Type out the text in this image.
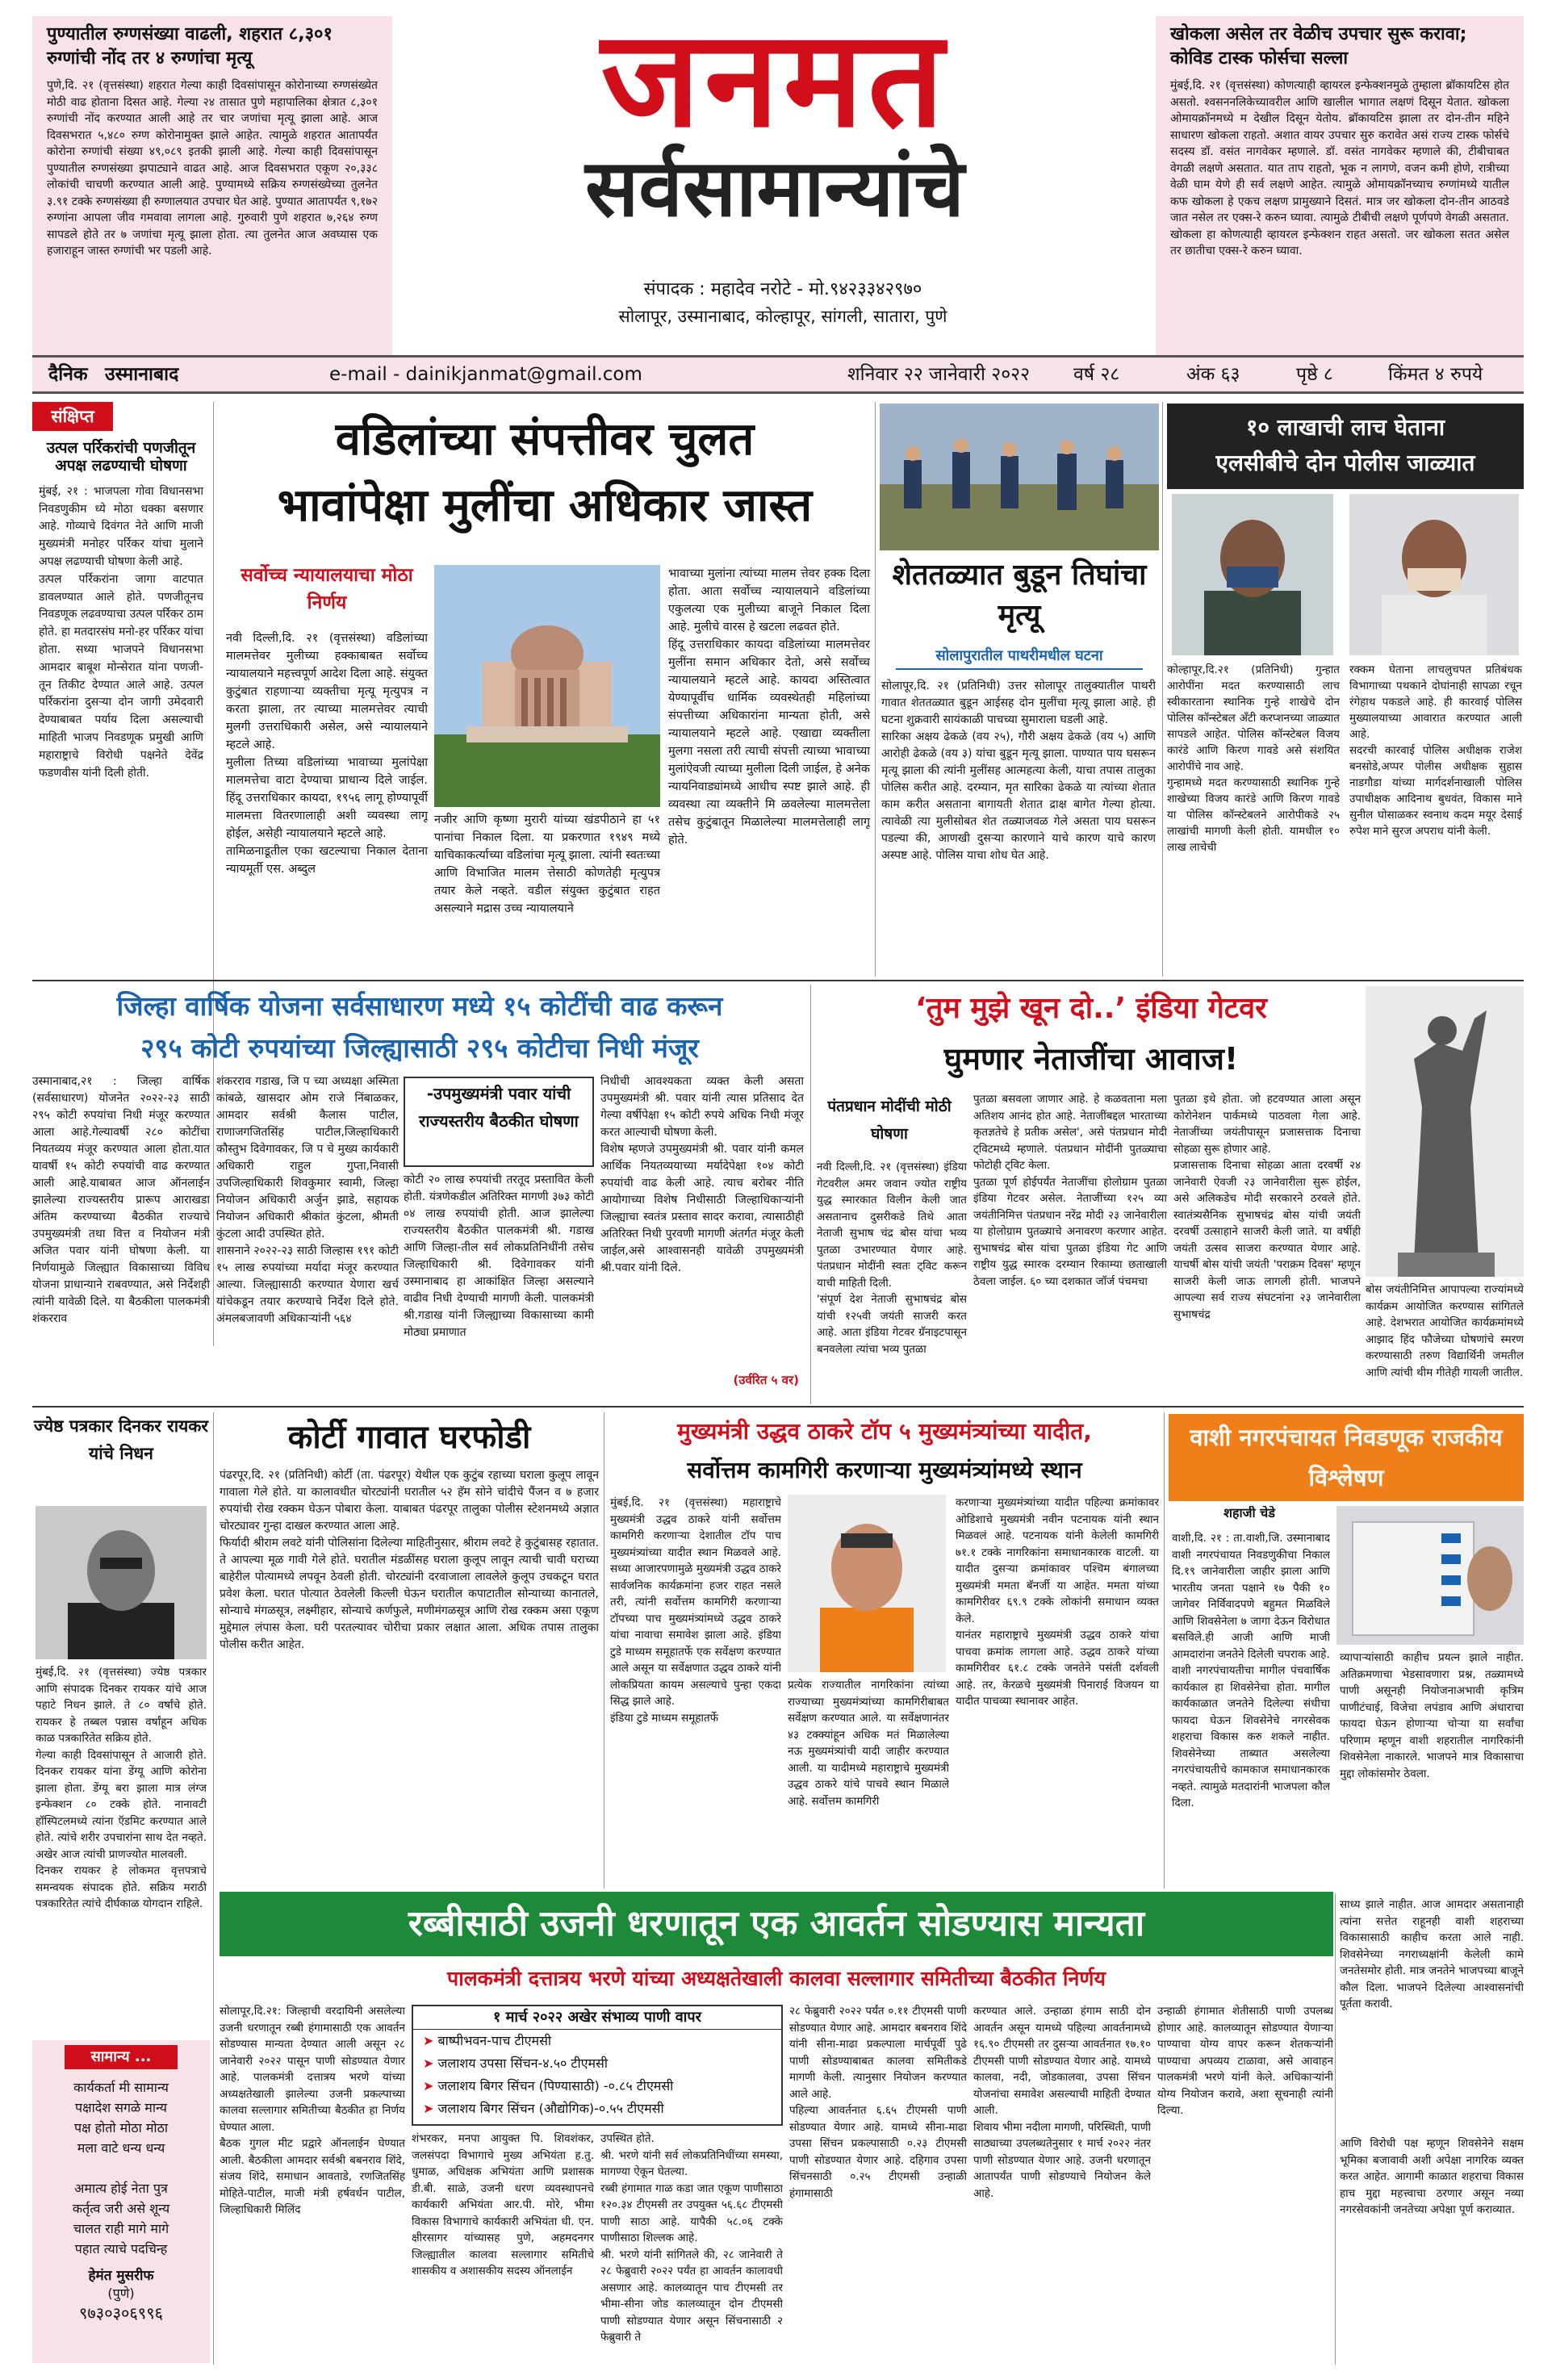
पुण्यातील रुग्णसंख्या वाढली, शहरात ८,३०१ रुग्णांची नोंद तर ४ रुग्णांचा मृत्यू
पुणे,दि. २१ (वृत्तसंस्था) शहरात गेल्या काही दिवसांपासून कोरोनाच्या रुग्णसंख्येत मोठी वाढ होताना दिसत आहे. गेल्या २४ तासात पुणे महापालिका क्षेत्रात ८,३०१ रुग्णांची नोंद करण्यात आली आहे तर चार जणांचा मृत्यू झाला आहे. आज दिवसभरात ५,४८० रुग्ण कोरोनामुक्त झाले आहेत. त्यामुळे शहरात आतापर्यंत कोरोना रुग्णांची संख्या ४९,०८९ इतकी झाली आहे. गेल्या काही दिवसांपासून पुण्यातील रुग्णसंख्या झपाट्याने वाढत आहे. आज दिवसभरात एकूण २०,३३८ लोकांची चाचणी करण्यात आली आहे. पुण्यामध्ये सक्रिय रुग्णसंख्येच्या तुलनेत ३.९१ टक्के रुग्णसंख्या ही रुग्णालयात उपचार घेत आहे. पुण्यात आतापर्यंत ९,१७२ रुग्णांना आपला जीव गमवावा लागला आहे. गुरुवारी पुणे शहरात ७,२६४ रुग्ण सापडले होते तर ७ जणांचा मृत्यू झाला होता. त्या तुलनेत आज अवघ्यास एक हजाराहून जास्त रुग्णांची भर पडली आहे.
जनमत
सर्वसामान्यांचे
संपादक : महादेव नरोटे - मो.९४२३३४२९७०
सोलापूर, उस्मानाबाद, कोल्हापूर, सांगली, सातारा, पुणे
खोकला असेल तर वेळीच उपचार सुरू करावा; कोविड टास्क फोर्सचा सल्ला
मुंबई,दि. २१ (वृत्तसंस्था) कोणत्याही व्हायरल इन्फेक्शनमुळे तुम्हाला ब्रॉकायटिस होत असतो. श्वसननलिकेच्यावरील आणि खालील भागात लक्षणं दिसून येतात. खोकला ओमायक्रॉनमध्ये म देखील दिसून येतोय. ब्रॉकायटिस झाला तर दोन-तीन महिने साधारण खोकला राहतो. अशात वायर उपचार सुरु करावेत असं राज्य टास्क फोर्सचे सदस्य डॉ. वसंत नागवेकर म्हणाले. डॉ. वसंत नागवेकर म्हणाले की, टीबीचाबत वेगळी लक्षणे असतात. यात ताप राहतो, भूक न लागणे, वजन कमी होणे, रात्रीच्या वेळी घाम येणे ही सर्व लक्षणे आहेत. त्यामुळे ओमायक्रॉनच्याच रुग्णांमध्ये यातील कफ खोकला हे एकच लक्षण प्रामुख्याने दिसतं. मात्र जर खोकला दोन-तीन आठवडे जात नसेल तर एक्स-रे करुन घ्यावा. त्यामुळे टीबीची लक्षणे पूर्णपणे वेगळी असतात. खोकला हा कोणत्याही व्हायरल इन्फेक्शन राहत असतो. जर खोकला सतत असेल तर छातीचा एक्स-रे करुन घ्यावा.
दैनिक उस्मानाबाद	e-mail - dainikjanmat@gmail.com	शनिवार २२ जानेवारी २०२२ वर्ष २८	अंक ६३	पृष्ठे ८	किंमत ४ रुपये
संक्षिप्त
उत्पल पर्रिकरांची पणजीतून अपक्ष लढण्याची घोषणा
मुंबई, २१ : भाजपला गोवा विधानसभा निवडणुकीम ध्ये मोठा धक्का बसणार आहे. गोव्याचे दिवंगत नेते आणि माजी मुख्यमंत्री मनोहर पर्रिकर यांचा मुलाने अपक्ष लढण्याची घोषणा केली आहे.
उत्पल पर्रिकरांना जागा वाटपात डावलण्यात आले होते. पणजीतूनच निवडणूक लढवण्याचा उत्पल पर्रिकर ठाम होते. हा मतदारसंघ मनो-हर पर्रिकर यांचा होता. सध्या भाजपने विधानसभा आमदार बाबूश मोन्सेरात यांना पणजी-तून तिकीट देण्यात आले आहे. उत्पल पर्रिकरांना दुसऱ्या दोन जागी उमेदवारी देण्याबाबत पर्याय दिला असल्याची माहिती भाजप निवडणूक प्रमुखी आणि महाराष्ट्राचे विरोधी पक्षनेते देवेंद्र फडणवीस यांनी दिली होती.
वडिलांच्या संपत्तीवर चुलत
भावांपेक्षा मुलींचा अधिकार जास्त
सर्वोच्च न्यायालयाचा मोठा निर्णय
नवी दिल्ली,दि. २१ (वृत्तसंस्था) वडिलांच्या मालमत्तेवर मुलीच्या हक्काबाबत सर्वोच्च न्यायालयाने महत्त्वपूर्ण आदेश दिला आहे. संयुक्त कुटुंबात राहणाऱ्या व्यक्तीचा मृत्यू मृत्युपत्र न करता झाला, तर त्याच्या मालमत्तेवर त्याची मुलगी उत्तराधिकारी असेल, असे न्यायालयाने म्हटले आहे.
मुलीला तिच्या वडिलांच्या भावाच्या मुलांपेक्षा मालमत्तेचा वाटा देण्याचा प्राधान्य दिले जाईल. हिंदू उत्तराधिकार कायदा, १९५६ लागू होण्यापूर्वी मालमत्ता वितरणालाही अशी व्यवस्था लागू होईल, असेही न्यायालयाने म्हटले आहे.
तामिळनाडूतील एका खटल्याचा निकाल देताना न्यायमूर्ती एस. अब्दुल
नजीर आणि कृष्णा मुरारी यांच्या खंडपीठाने हा ५१ पानांचा निकाल दिला. या प्रकरणात १९४९ मध्ये याचिकाकर्त्याच्या वडिलांचा मृत्यू झाला. त्यांनी स्वतःच्या आणि विभाजित मालम त्तेसाठी कोणतेही मृत्युपत्र तयार केले नव्हते. वडील संयुक्त कुटुंबात राहत असल्याने मद्रास उच्च न्यायालयाने
भावाच्या मुलांना त्यांच्या मालम त्तेवर हक्क दिला होता. आता सर्वोच्च न्यायालयाने वडिलांच्या एकुलत्या एक मुलीच्या बाजूने निकाल दिला आहे. मुलीचे वारस हे खटला लढवत होते.
हिंदू उत्तराधिकार कायदा वडिलांच्या मालमत्तेवर मुलींना समान अधिकार देतो, असे सर्वोच्च न्यायालयाने म्हटले आहे. कायदा अस्तित्वात येण्यापूर्वीच धार्मिक व्यवस्थेतही महिलांच्या संपत्तीच्या अधिकारांना मान्यता होती, असे न्यायालयाने म्हटले आहे. एखाद्या व्यक्तीला मुलगा नसला तरी त्याची संपत्ती त्याच्या भावाच्या मुलांऐवजी त्याच्या मुलीला दिली जाईल, हे अनेक न्यायनिवाड्यांमध्ये आधीच स्पष्ट झाले आहे. ही व्यवस्था त्या व्यक्तीने मि ळवलेल्या मालमत्तेला तसेच कुटुंबातून मिळालेल्या मालमत्तेलाही लागू होते.
शेततळ्यात बुडून तिघांचा मृत्यू
सोलापुरातील पाथरीमधील घटना
सोलापूर,दि. २१ (प्रतिनिधी) उत्तर सोलापूर तालुक्यातील पाथरी गावात शेततळ्यात बुडून आईसह दोन मुलींचा मृत्यू झाला आहे. ही घटना शुक्रवारी सायंकाळी पाचच्या सुमाराला घडली आहे.
सारिका अक्षय ढेकळे (वय २५), गौरी अक्षय ढेकळे (वय ५) आणि आरोही ढेकळे (वय ३) यांचा बुडून मृत्यू झाला. पाण्यात पाय घसरून मृत्यू झाला की त्यांनी मुलींसह आत्महत्या केली, याचा तपास तालुका पोलिस करीत आहे. दरम्यान, मृत सारिका ढेकळे या त्यांच्या शेतात काम करीत असताना बागायती शेतात द्राक्ष बागेत गेल्या होत्या. त्यावेळी त्या मुलीसोबत शेत तळ्याजवळ गेले असता पाय घसरून पडल्या की, आणखी दुसऱ्या कारणाने याचे कारण याचे कारण अस्पष्ट आहे. पोलिस याचा शोध घेत आहे.
१० लाखाची लाच घेताना
एलसीबीचे दोन पोलीस जाळ्यात
कोल्हापूर,दि.२१ (प्रतिनिधी) गुन्हात आरोपींना मदत करण्यासाठी लाच स्वीकारताना स्थानिक गुन्हे शाखेचे दोन पोलिस कॉन्स्टेबल अँटी करप्शनच्या जाळ्यात सापडले आहेत. पोलिस कॉन्स्टेबल विजय कारंडे आणि किरण गावडे असे संशयित आरोपींचे नाव आहे.
गुन्हामध्ये मदत करण्यासाठी स्थानिक गुन्हे शाखेच्या विजय कारंडे आणि किरण गावडे या पोलिस कॉन्स्टेबलने आरोपीकडे २५ लाखांची मागणी केली होती. यामधील १० लाख लाचेची
रक्कम घेताना लाचलुचपत प्रतिबंधक विभागाच्या पथकाने दोघांनाही सापळा रचून रंगेहाथ पकडले आहे. ही कारवाई पोलिस मुख्यालयाच्या आवारात करण्यात आली आहे.
सदरची कारवाई पोलिस अधीक्षक राजेश बनसोडे,अप्पर पोलीस अधीक्षक सुहास नाडगौडा यांच्या मार्गदर्शनाखाली पोलिस उपाधीक्षक आदिनाथ बुधवंत, विकास माने सुनील घोसाळकर स्वनाथ कदम मयूर देसाई रुपेश माने सुरज अपराध यांनी केली.
जिल्हा वार्षिक योजना सर्वसाधारण मध्ये १५ कोटींची वाढ करून
२९५ कोटी रुपयांच्या जिल्ह्यासाठी २९५ कोटीचा निधी मंजूर
उस्मानाबाद,२१ : जिल्हा वार्षिक (सर्वसाधारण) योजनेत २०२२-२३ साठी २९५ कोटी रुपयांचा निधी मंजूर करण्यात आला आहे.गेल्यावर्षी २८० कोटींचा नियतव्यय मंजूर करण्यात आला होता.यात यावर्षी १५ कोटी रुपयांची वाढ करण्यात आली आहे.याबाबत आज ऑनलाईन झालेल्या राज्यस्तरीय प्रारूप आराखडा अंतिम करण्याच्या बैठकीत राज्याचे उपमुख्यमंत्री तथा वित्त व नियोजन मंत्री अजित पवार यांनी घोषणा केली. या निर्णयामुळे जिल्ह्यात विकासाच्या विविध योजना प्राधान्याने राबवण्यात, असे निर्देशही त्यांनी यावेळी दिले. या बैठकीला पालकमंत्री शंकरराव
शंकरराव गडाख, जि प च्या अध्यक्षा अस्मिता कांबळे, खासदार ओम राजे निंबाळकर, आमदार सर्वश्री कैलास पाटील, राणाजगजितसिंह पाटील,जिल्हाधिकारी कौस्तुभ दिवेगावकर, जि प चे मुख्य कार्यकारी अधिकारी राहुल गुप्ता,निवासी उपजिल्हाधिकारी शिवकुमार स्वामी, जिल्हा नियोजन अधिकारी अर्जुन झाडे, सहायक नियोजन अधिकारी श्रीकांत कुंटला, श्रीमती कुंटला आदी उपस्थित होते.
शासनाने २०२२-२३ साठी जिल्हास १९१ कोटी १५ लाख रुपयांच्या मर्यादा मंजूर करण्यात आल्या. जिल्ह्यासाठी करण्यात येणारा खर्च यांचेकडून तयार करण्याचे निर्देश दिले होते. अंमलबजावणी अधिकाऱ्यांनी ५६४
-उपमुख्यमंत्री पवार यांची राज्यस्तरीय बैठकीत घोषणा
कोटी २० लाख रुपयांची तरतूद प्रस्तावित केली होती. यंत्रणेकडील अतिरिक्त मागणी ३७३ कोटी ०४ लाख रुपयांची होती. आज झालेल्या राज्यस्तरीय बैठकीत पालकमंत्री श्री. गडाख आणि जिल्हा-तील सर्व लोकप्रतिनिधींनी तसेच जिल्हाधिकारी श्री. दिवेगावकर यांनी उस्मानाबाद हा आकांक्षित जिल्हा असल्याने वाढीव निधी देण्याची मागणी केली. पालकमंत्री श्री.गडाख यांनी जिल्ह्याच्या विकासाच्या कामी मोठ्या प्रमाणात
निधीची आवश्यकता व्यक्त केली असता उपमुख्यमंत्री श्री. पवार यांनी त्यास प्रतिसाद देत गेल्या वर्षीपेक्षा १५ कोटी रुपये अधिक निधी मंजूर करत आल्याची घोषणा केली.
विशेष म्हणजे उपमुख्यमंत्री श्री. पवार यांनी कमल आर्थिक नियतव्ययाच्या मर्यादेपेक्षा १०४ कोटी रुपयांची वाढ केली आहे. त्याच बरोबर नीति आयोगाच्या विशेष निधीसाठी जिल्हाधिकाऱ्यांनी जिल्ह्याचा स्वतंत्र प्रस्ताव सादर करावा, त्यासाठीही अतिरिक्त निधी पुरवणी मागणी अंतर्गत मंजूर केली जाईल,असे आश्वासनही यावेळी उपमुख्यमंत्री श्री.पवार यांनी दिले.
(उर्वरित ५ वर)
‘तुम मुझे खून दो..’ इंडिया गेटवर
घुमणार नेताजींचा आवाज!
पंतप्रधान मोदींची मोठी घोषणा
नवी दिल्ली,दि. २१ (वृत्तसंस्था) इंडिया गेटवरील अमर जवान ज्योत राष्ट्रीय युद्ध स्मारकात विलीन केली जात असतानाच दुसरीकडे तिथे आता नेताजी सुभाष चंद्र बोस यांचा भव्य पुतळा उभारण्यात येणार आहे. पंतप्रधान मोदींनी स्वतः ट्विट करून याची माहिती दिली.
'संपूर्ण देश नेताजी सुभाषचंद्र बोस यांची १२५वी जयंती साजरी करत आहे. आता इंडिया गेटवर ग्रॅनाइटपासून बनवलेला त्यांचा भव्य पुतळा
पुतळा बसवला जाणार आहे. हे कळवताना मला अतिशय आनंद होत आहे. नेताजींबद्दल भारताच्या कृतज्ञतेचे हे प्रतीक असेल', असे पंतप्रधान मोदी ट्विटमध्ये म्हणाले. पंतप्रधान मोदींनी पुतळ्याचा फोटोही ट्विट केला.
पुतळा पूर्ण होईपर्यंत नेताजींचा होलोग्राम पुतळा इंडिया गेटवर असेल. नेताजींच्या १२५ व्या जयंतीनिमित्त पंतप्रधान नरेंद्र मोदी २३ जानेवारीला या होलोग्राम पुतळ्याचे अनावरण करणार आहेत. सुभाषचंद्र बोस यांचा पुतळा इंडिया गेट आणि राष्ट्रीय युद्ध स्मारक दरम्यान रिकाम्या छताखाली ठेवला जाईल. ६० च्या दशकात जॉर्ज पंचमचा
पुतळा इथे होता. जो हटवण्यात आला असून कोरोनेशन पार्कमध्ये पाठवला गेला आहे. नेताजींच्या जयंतीपासून प्रजासत्ताक दिनाचा सोहळा सुरू होणार आहे.
प्रजासत्ताक दिनाचा सोहळा आता दरवर्षी २४ जानेवारी ऐवजी २३ जानेवारीला सुरू होईल, असे अलिकडेच मोदी सरकारने ठरवले होते. स्वातंत्र्यसैनिक सुभाषचंद्र बोस यांची जयंती दरवर्षी उत्साहाने साजरी केली जाते. या वर्षीही जयंती उत्सव साजरा करण्यात येणार आहे. याचर्षी बोस यांची जयंती 'पराक्रम दिवस' म्हणून साजरी केली जाऊ लागली होती. भाजपने आपल्या सर्व राज्य संघटनांना २३ जानेवारीला सुभाषचंद्र
बोस जयंतीनिमित्त आपापल्या राज्यांमध्ये कार्यक्रम आयोजित करण्यास सांगितले आहे. देशभरात आयोजित कार्यक्रमांमध्ये आझाद हिंद फौजेच्या घोषणांचे स्मरण करण्यासाठी तरुण विद्यार्थिनी जमतील आणि त्यांची थीम गीतेही गायली जातील.
ज्येष्ठ पत्रकार दिनकर रायकर यांचे निधन
मुंबई,दि. २१ (वृत्तसंस्था) ज्येष्ठ पत्रकार आणि संपादक दिनकर रायकर यांचे आज पहाटे निधन झाले. ते ८० वर्षांचे होते. रायकर हे तब्बल पन्नास वर्षांहून अधिक काळ पत्रकारितेत सक्रिय होते.
गेल्या काही दिवसांपासून ते आजारी होते. दिनकर रायकर यांना डेंग्यू आणि कोरोना झाला होता. डेंग्यू बरा झाला मात्र लंग्ज इन्फेक्शन ८० टक्के होते. नानावटी हॉस्पिटलमध्ये त्यांना ऍडमिट करण्यात आले होते. त्यांचे शरीर उपचारांना साथ देत नव्हते. अखेर आज त्यांची प्राणज्योत मालवली.
दिनकर रायकर हे लोकमत वृत्तपत्राचे समन्वयक संपादक होते. सक्रिय मराठी पत्रकारितेत त्यांचे दीर्घकाळ योगदान राहिले.
सामान्य ...
कार्यकर्ता मी सामान्य
पक्षादेश सगळे मान्य
पक्ष होतो मोठा मोठा
मला वाटे धन्य धन्य

अमात्य होई नेता पुत्र
कर्तृत्व जरी असे शून्य
चालत राही मागे मागे
पहात त्याचे पदचिन्ह
हेमंत मुसरीफ
(पुणे)
९७३०३०६९९६
कोर्टी गावात घरफोडी
पंढरपूर,दि. २१ (प्रतिनिधी) कोर्टी (ता. पंढरपूर) येथील एक कुटुंब रहाच्या घराला कुलूप लावून गावाला गेले होते. या कालावधीत चोरट्यांनी घरातील ५२ हॅम सोने चांदीचे पैंजन व ७ हजार रुपयांची रोख रक्कम घेऊन पोबारा केला. याबाबत पंढरपूर तालुका पोलीस स्टेशनमध्ये अज्ञात चोरट्यावर गुन्हा दाखल करण्यात आला आहे.
फिर्यादी श्रीराम लवटे यांनी पोलिसांना दिलेल्या माहितीनुसार, श्रीराम लवटे हे कुटुंबासह रहातात. ते आपल्या मूळ गावी गेले होते. घरातील मंडळींसह घराला कुलूप लावून त्याची चावी घराच्या बाहेरील पोत्यामध्ये लपवून ठेवली होती. चोरट्यांनी दरवाजाला लावलेले कुलूप उचकटून घरात प्रवेश केला. घरात पोत्यात ठेवलेली किल्ली घेऊन घरातील कपाटातील सोन्याच्या कानातले, सोन्याचे मंगळसूत्र, लक्ष्मीहार, सोन्याचे कर्णफुले, मणीमंगळसूत्र आणि रोख रक्कम असा एकूण मुद्देमाल लंपास केला. घरी परतल्यावर चोरीचा प्रकार लक्षात आला. अधिक तपास तालुका पोलीस करीत आहेत.
मुख्यमंत्री उद्धव ठाकरे टॉप ५ मुख्यमंत्र्यांच्या यादीत,
सर्वोत्तम कामगिरी करणाऱ्या मुख्यमंत्र्यांमध्ये स्थान
मुंबई,दि. २१ (वृत्तसंस्था) महाराष्ट्राचे मुख्यमंत्री उद्धव ठाकरे यांनी सर्वोत्तम कामगिरी करणाऱ्या देशातील टॉप पाच मुख्यमंत्र्यांच्या यादीत स्थान मिळवले आहे. सध्या आजारपणामुळे मुख्यमंत्री उद्धव ठाकरे सार्वजनिक कार्यक्रमांना हजर राहत नसले तरी, त्यांनी सर्वोत्तम कामगिरी करणाऱ्या टॉपच्या पाच मुख्यमंत्र्यांमध्ये उद्धव ठाकरे यांचा नावाचा समावेश झाला आहे. इंडिया टुडे माध्यम समूहातर्फे एक सर्वेक्षण करण्यात आले असून या सर्वेक्षणात उद्धव ठाकरे यांनी लोकप्रियता कायम असल्याचे पुन्हा एकदा सिद्ध झाले आहे.
इंडिया टुडे माध्यम समूहातर्फे
प्रत्येक राज्यातील नागरिकांना त्यांच्या राज्याच्या मुख्यमंत्र्यांच्या कामगिरीबाबत सर्वेक्षण करण्यात आले. या सर्वेक्षणानंतर ४३ टक्क्यांहून अधिक मतं मिळालेल्या नऊ मुख्यमंत्र्यांची यादी जाहीर करण्यात आली. या यादीमध्ये महाराष्ट्राचे मुख्यमंत्री उद्धव ठाकरे यांचे पाचवे स्थान मिळाले आहे. सर्वोत्तम कामगिरी
करणाऱ्या मुख्यमंत्र्यांच्या यादीत पहिल्या क्रमांकावर ओडिशाचे मुख्यमंत्री नवीन पटनायक यांनी स्थान मिळवलं आहे. पटनायक यांनी केलेली कामगिरी ७१.१ टक्के नागरिकांना समाधानकारक वाटली. या यादीत दुसऱ्या क्रमांकावर पश्चिम बंगालच्या मुख्यमंत्री ममता बॅनर्जी या आहेत. ममता यांच्या कामगिरीवर ६९.९ टक्के लोकांनी समाधान व्यक्त केले.
यानंतर महाराष्ट्राचे मुख्यमंत्री उद्धव ठाकरे यांचा पाचवा क्रमांक लागला आहे. उद्धव ठाकरे यांच्या कामगिरीवर ६१.८ टक्के जनतेने पसंती दर्शवली आहे. तर, केरळचे मुख्यमंत्री पिनाराई विजयन या यादीत पाचव्या स्थानावर आहेत.
वाशी नगरपंचायत निवडणूक राजकीय विश्लेषण
शहाजी चेडे
वाशी,दि. २१ : ता.वाशी,जि. उस्मानाबाद वाशी नगरपंचायत निवडणुकीचा निकाल दि.१९ जानेवारीला जाहीर झाला आणि भारतीय जनता पक्षाने १७ पैकी १० जागेवर निर्विवादपणे बहुमत मिळविले आणि शिवसेनेला ७ जागा देऊन विरोधात बसविले.ही आजी आणि माजी आमदारांना जनतेने दिलेली चपराक आहे.
वाशी नगरपंचायतीचा मागील पंचवार्षिक कार्यकाल हा शिवसेनेचा होता. मागील कार्यकाळात जनतेने दिलेल्या संधीचा फायदा घेऊन शिवसेनेचे नगरसेवक शहराचा विकास करु शकले नाहीत. शिवसेनेच्या ताब्यात असलेल्या नगरपंचायतीचे कामकाज समाधानकारक नव्हते. त्यामुळे मतदारांनी भाजपला कौल दिला.
व्यापाऱ्यांसाठी काहीच प्रयत्न झाले नाहीत. अतिक्रमणाचा भेडसावणारा प्रश्न, तळ्यामध्ये पाणी असूनही नियोजनाअभावी कृत्रिम पाणीटंचाई, विजेचा लपंडाव आणि अंधाराचा फायदा घेऊन होणाऱ्या चोऱ्या या सर्वांचा परिणाम म्हणून वाशी शहरातील नागरिकांनी शिवसेनेला नाकारले. भाजपने मात्र विकासाचा मुद्दा लोकांसमोर ठेवला.
साध्य झाले नाहीत. आज आमदार असतानाही त्यांना सत्तेत राहूनही वाशी शहराच्या विकासासाठी काहीच करता आले नाही. शिवसेनेच्या नगराध्यक्षांनी केलेली कामे जनतेसमोर होती. मात्र जनतेने भाजपच्या बाजूने कौल दिला. भाजपने दिलेल्या आश्वासनांची पूर्तता करावी.
आणि विरोधी पक्ष म्हणून शिवसेनेने सक्षम भूमिका बजावावी अशी अपेक्षा नागरिक व्यक्त करत आहेत. आगामी काळात शहराचा विकास हाच मुद्दा महत्त्वाचा ठरणार असून नव्या नगरसेवकांनी जनतेच्या अपेक्षा पूर्ण कराव्यात.
रब्बीसाठी उजनी धरणातून एक आवर्तन सोडण्यास मान्यता
पालकमंत्री दत्तात्रय भरणे यांच्या अध्यक्षतेखाली कालवा सल्लागार समितीच्या बैठकीत निर्णय
सोलापूर,दि.२१: जिल्हाची वरदायिनी असलेल्या उजनी धरणातून रब्बी हंगामासाठी एक आवर्तन सोडण्यास मान्यता देण्यात आली असून २८ जानेवारी २०२२ पासून पाणी सोडण्यात येणार आहे. पालकमंत्री दत्तात्रय भरणे यांच्या अध्यक्षतेखाली झालेल्या उजनी प्रकल्पाच्या कालवा सल्लागार समितीच्या बैठकीत हा निर्णय घेण्यात आला.
बैठक गुगल मीट प्रद्वारे ऑनलाईन घेण्यात आली. बैठकीला आमदार सर्वश्री बबनराव शिंदे, संजय शिंदे, समाधान आवताडे, रणजितसिंह मोहिते-पाटील, माजी मंत्री हर्षवर्धन पाटील, जिल्हाधिकारी मिलिंद
१ मार्च २०२२ अखेर संभाव्य पाणी वापर
➤ बाष्पीभवन-पाच टीएमसी
➤ जलाशय उपसा सिंचन-४.५० टीएमसी
➤ जलाशय बिगर सिंचन (पिण्यासाठी) -०.८५ टीएमसी
➤ जलाशय बिगर सिंचन (औद्योगिक)-०.५५ टीएमसी
शंभरकर, मनपा आयुक्त पि. शिवशंकर, जलसंपदा विभागाचे मुख्य अभियंता ह.तु. धुमाळ, अधिक्षक अभियंता आणि प्रशासक डी.बी. साळे, उजनी धरण व्यवस्थापनचे कार्यकारी अभियंता आर.पी. मोरे, भीमा विकास विभागाचे कार्यकारी अभियंता धी. एन. क्षीरसागर यांच्यासह पुणे, अहमदनगर जिल्ह्यातील कालवा सल्लागार समितीचे शासकीय व अशासकीय सदस्य ऑनलाईन
उपस्थित होते.
श्री. भरणे यांनी सर्व लोकप्रतिनिधींच्या समस्या, मागण्या ऐकून घेतल्या.
रब्बी हंगामात गाळ कडा जात एकूण पाणीसाठा १२०.३४ टीएमसी तर उपयुक्त ५६.६८ टीएमसी पाणी साठा आहे. यापैकी ५८.०६ टक्के पाणीसाठा शिल्लक आहे.
श्री. भरणे यांनी सांगितले की, २८ जानेवारी ते २८ फेब्रुवारी २०२२ पर्यंत हा आवर्तन कालावधी असणार आहे. कालव्यातून पाच टीएमसी तर भीमा-सीना जोड कालव्यातून दोन टीएमसी पाणी सोडण्यात येणार असून सिंचनासाठी २ फेब्रुवारी ते
२८ फेब्रुवारी २०२२ पर्यंत ०.११ टीएमसी पाणी सोडण्यात येणार आहे. आमदार बबनराव शिंदे यांनी सीना-माढा प्रकल्पाला मार्चपूर्वी पुढे पाणी सोडण्याबाबत कालवा समितीकडे मागणी केली. त्यानुसार नियोजन करण्यात आले आहे.
पहिल्या आवर्तनात ६.६५ टीएमसी पाणी सोडण्यात येणार आहे. यामध्ये सीना-माढा उपसा सिंचन प्रकल्पासाठी ०.२३ टीएमसी पाणी सोडण्यात येणार आहे. दहिगाव उपसा सिंचनसाठी ०.२५ टीएमसी उन्हाळी हंगामासाठी
करण्यात आले. उन्हाळा हंगाम साठी दोन आवर्तन असून यामध्ये पहिल्या आवर्तनामध्ये १६.९० टीएमसी तर दुसऱ्या आवर्तनात १७.१० टीएमसी पाणी सोडण्यात येणार आहे. यामध्ये कालवा, नदी, जोडकालवा, उपसा सिंचन योजनांचा समावेश असल्याची माहिती देण्यात आली.
शिवाय भीमा नदीला मागणी, परिस्थिती, पाणी साठ्याच्या उपलब्धतेनुसार १ मार्च २०२२ नंतर पाणी सोडण्यात येणार आहे. उजनी धरणातून आतापर्यंत पाणी सोडण्याचे नियोजन केले आहे.
उन्हाळी हंगामात शेतीसाठी पाणी उपलब्ध होणार आहे. कालव्यातून सोडण्यात येणाऱ्या पाण्याचा योग्य वापर करून शेतकऱ्यांनी पाण्याचा अपव्यय टाळावा, असे आवाहन पालकमंत्री भरणे यांनी केले. अधिकाऱ्यांनी योग्य नियोजन करावे, अशा सूचनाही त्यांनी दिल्या.
